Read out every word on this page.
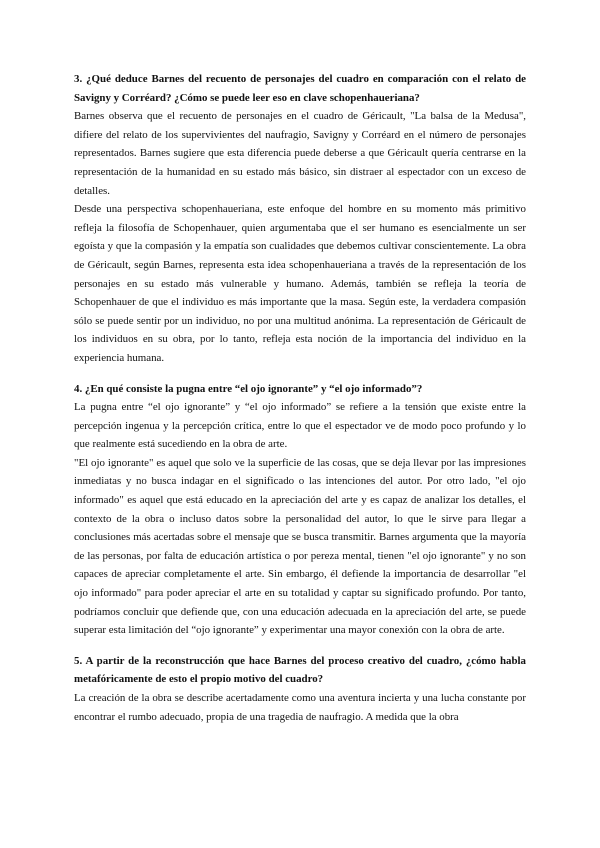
3. ¿Qué deduce Barnes del recuento de personajes del cuadro en comparación con el relato de Savigny y Corréard? ¿Cómo se puede leer eso en clave schopenhaueriana?

Barnes observa que el recuento de personajes en el cuadro de Géricault, "La balsa de la Medusa", difiere del relato de los supervivientes del naufragio, Savigny y Corréard en el número de personajes representados. Barnes sugiere que esta diferencia puede deberse a que Géricault quería centrarse en la representación de la humanidad en su estado más básico, sin distraer al espectador con un exceso de detalles.

Desde una perspectiva schopenhaueriana, este enfoque del hombre en su momento más primitivo refleja la filosofía de Schopenhauer, quien argumentaba que el ser humano es esencialmente un ser egoísta y que la compasión y la empatía son cualidades que debemos cultivar conscientemente. La obra de Géricault, según Barnes, representa esta idea schopenhaueriana a través de la representación de los personajes en su estado más vulnerable y humano. Además, también se refleja la teoría de Schopenhauer de que el individuo es más importante que la masa. Según este, la verdadera compasión sólo se puede sentir por un individuo, no por una multitud anónima. La representación de Géricault de los individuos en su obra, por lo tanto, refleja esta noción de la importancia del individuo en la experiencia humana.

4. ¿En qué consiste la pugna entre “el ojo ignorante” y “el ojo informado”?

La pugna entre “el ojo ignorante” y “el ojo informado” se refiere a la tensión que existe entre la percepción ingenua y la percepción crítica, entre lo que el espectador ve de modo poco profundo y lo que realmente está sucediendo en la obra de arte.

"El ojo ignorante" es aquel que solo ve la superficie de las cosas, que se deja llevar por las impresiones inmediatas y no busca indagar en el significado o las intenciones del autor. Por otro lado, "el ojo informado" es aquel que está educado en la apreciación del arte y es capaz de analizar los detalles, el contexto de la obra o incluso datos sobre la personalidad del autor, lo que le sirve para llegar a conclusiones más acertadas sobre el mensaje que se busca transmitir. Barnes argumenta que la mayoría de las personas, por falta de educación artística o por pereza mental, tienen "el ojo ignorante" y no son capaces de apreciar completamente el arte. Sin embargo, él defiende la importancia de desarrollar "el ojo informado" para poder apreciar el arte en su totalidad y captar su significado profundo. Por tanto, podríamos concluir que defiende que, con una educación adecuada en la apreciación del arte, se puede superar esta limitación del “ojo ignorante” y experimentar una mayor conexión con la obra de arte.

5. A partir de la reconstrucción que hace Barnes del proceso creativo del cuadro, ¿cómo habla metafóricamente de esto el propio motivo del cuadro?

La creación de la obra se describe acertadamente como una aventura incierta y una lucha constante por encontrar el rumbo adecuado, propia de una tragedia de naufragio. A medida que la obra
